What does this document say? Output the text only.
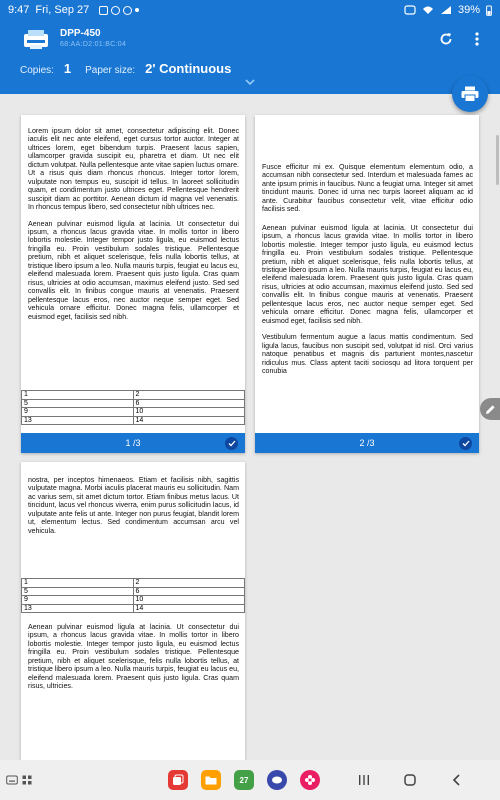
9:47 Fri, Sep 27	39%
DPP-450
68:AA:D2:01:BC:04
Copies: 1 Paper size: 2' Continuous

Lorem ipsum dolor sit amet, consectetur adipiscing elit. Donec iaculis elit nec ante eleifend, eget cursus tortor auctor. Integer at ultrices lorem, eget bibendum turpis. Praesent lacus sapien, ullamcorper gravida suscipit eu, pharetra et diam. Ut nec elit dictum volutpat. Nulla pellentesque ante vitae sapien luctus ornare. Ut a risus quis diam rhoncus rhoncus. Integer tortor lorem, vulputate non tempus eu, suscipit id tellus. In laoreet sollicitudin quam, et condimentum justo ultrices eget. Pellentesque hendrerit suscipit diam ac porttitor. Aenean dictum id magna vel venenatis. In rhoncus tempus libero, sed consectetur nibh ultrices nec.

Aenean pulvinar euismod ligula at lacinia. Ut consectetur dui ipsum, a rhoncus lacus gravida vitae. In mollis tortor in libero lobortis molestie. Integer tempor justo ligula, eu euismod lectus fringilla eu. Proin vestibulum sodales tristique. Pellentesque pretium, nibh et aliquet scelerisque, felis nulla lobortis tellus, at tristique libero ipsum a leo. Nulla mauris turpis, feugiat eu lacus eu, eleifend malesuada lorem. Praesent quis justo ligula. Cras quam risus, ultricies at odio accumsan, maximus eleifend justo. Sed sed convallis elit. In finibus congue mauris at venenatis. Praesent pellentesque lacus eros, nec auctor neque semper eget. Sed vehicula ornare efficitur. Donec magna felis, ullamcorper et euismod eget, facilisis sed nibh.

1	2
5	6
9	10
13	14
1 /3

Fusce efficitur mi ex. Quisque elementum elementum odio, a accumsan nibh consectetur sed. Interdum et malesuada fames ac ante ipsum primis in faucibus. Nunc a feugiat urna. Integer sit amet tincidunt mauris. Donec id urna nec turpis laoreet aliquam ac id ante. Curabitur faucibus consectetur velit, vitae efficitur odio facilisis sed.

Aenean pulvinar euismod ligula at lacinia. Ut consectetur dui ipsum, a rhoncus lacus gravida vitae. In mollis tortor in libero lobortis molestie. Integer tempor justo ligula, eu euismod lectus fringilla eu. Proin vestibulum sodales tristique. Pellentesque pretium, nibh et aliquet scelerisque, felis nulla lobortis tellus, at tristique libero ipsum a leo. Nulla mauris turpis, feugiat eu lacus eu, eleifend malesuada lorem. Praesent quis justo ligula. Cras quam risus, ultricies at odio accumsan, maximus eleifend justo. Sed sed convallis elit. In finibus congue mauris at venenatis. Praesent pellentesque lacus eros, nec auctor neque semper eget. Sed vehicula ornare efficitur. Donec magna felis, ullamcorper et euismod eget, facilisis sed nibh.

Vestibulum fermentum augue a lacus mattis condimentum. Sed ligula lacus, faucibus non suscipit sed, volutpat id nisl. Orci varius natoque penatibus et magnis dis parturient montes,nascetur ridiculus mus. Class aptent taciti sociosqu ad litora torquent per conubia

2 /3

nostra, per inceptos himenaeos. Etiam et facilisis nibh, sagittis vulputate magna. Morbi iaculis placerat mauris eu sollicitudin. Nam ac varius sem, sit amet dictum tortor. Etiam finibus metus lacus. Ut tincidunt, lacus vel rhoncus viverra, enim purus sollicitudin lacus, id vulputate ante felis ut ante. Integer non purus feugiat, blandit lorem ut, elementum lectus. Sed condimentum accumsan arcu vel vehicula.

1	2
5	6
9	10
13	14

Aenean pulvinar euismod ligula at lacinia. Ut consectetur dui ipsum, a rhoncus lacus gravida vitae. In mollis tortor in libero lobortis molestie. Integer tempor justo ligula, eu euismod lectus fringilla eu. Proin vestibulum sodales tristique. Pellentesque pretium, nibh et aliquet scelerisque, felis nulla lobortis tellus, at tristique libero ipsum a leo. Nulla mauris turpis, feugiat eu lacus eu, eleifend malesuada lorem. Praesent quis justo ligula. Cras quam risus, ultricies.

27
